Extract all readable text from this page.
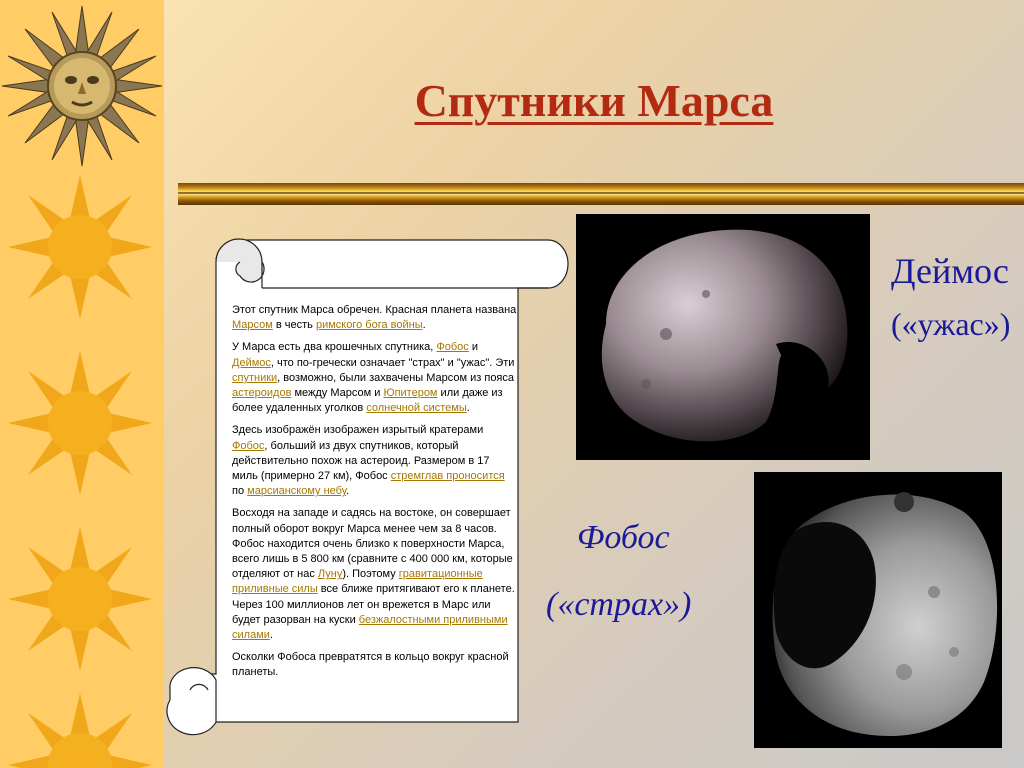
Спутники Марса

Этот спутник Марса обречен. Красная планета названа Марсом в честь римского бога войны.

У Марса есть два крошечных спутника, Фобос и Деймос, что по-гречески означает "страх" и "ужас". Эти спутники, возможно, были захвачены Марсом из пояса астероидов между Марсом и Юпитером или даже из более удаленных уголков солнечной системы.

Здесь изображён изображен изрытый кратерами Фобос, больший из двух спутников, который действительно похож на астероид. Размером в 17 миль (примерно 27 км), Фобос стремглав проносится по марсианскому небу.

Восходя на западе и садясь на востоке, он совершает полный оборот вокруг Марса менее чем за 8 часов. Фобос находится очень близко к поверхности Марса, всего лишь в 5 800 км (сравните с 400 000 км, которые отделяют от нас Луну). Поэтому гравитационные приливные силы все ближе притягивают его к планете. Через 100 миллионов лет он врежется в Марс или будет разорван на куски безжалостными приливными силами.

Осколки Фобоса превратятся в кольцо вокруг красной планеты.

Деймос
(«ужас»)
Фобос
(«страх»)
